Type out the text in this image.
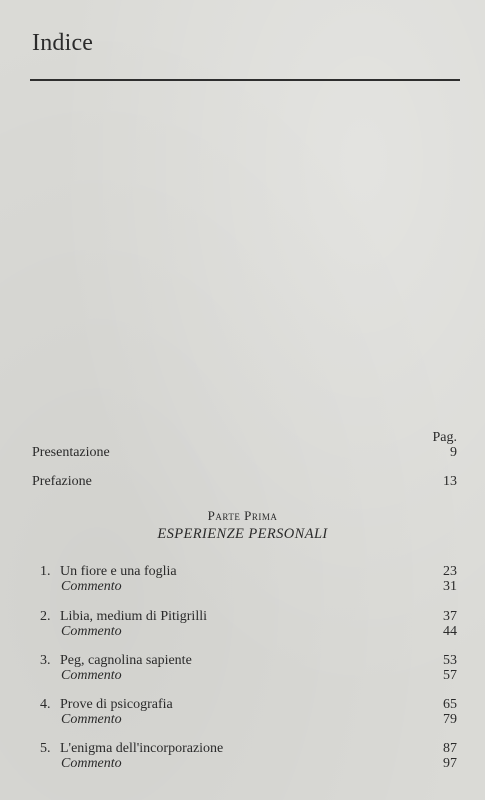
Indice
Pag.
Presentazione	9
Prefazione	13
Parte Prima
ESPERIENZE PERSONALI
1. Un fiore e una foglia	23
Commento	31
2. Libia, medium di Pitigrilli	37
Commento	44
3. Peg, cagnolina sapiente	53
Commento	57
4. Prove di psicografia	65
Commento	79
5. L'enigma dell'incorporazione	87
Commento	97
